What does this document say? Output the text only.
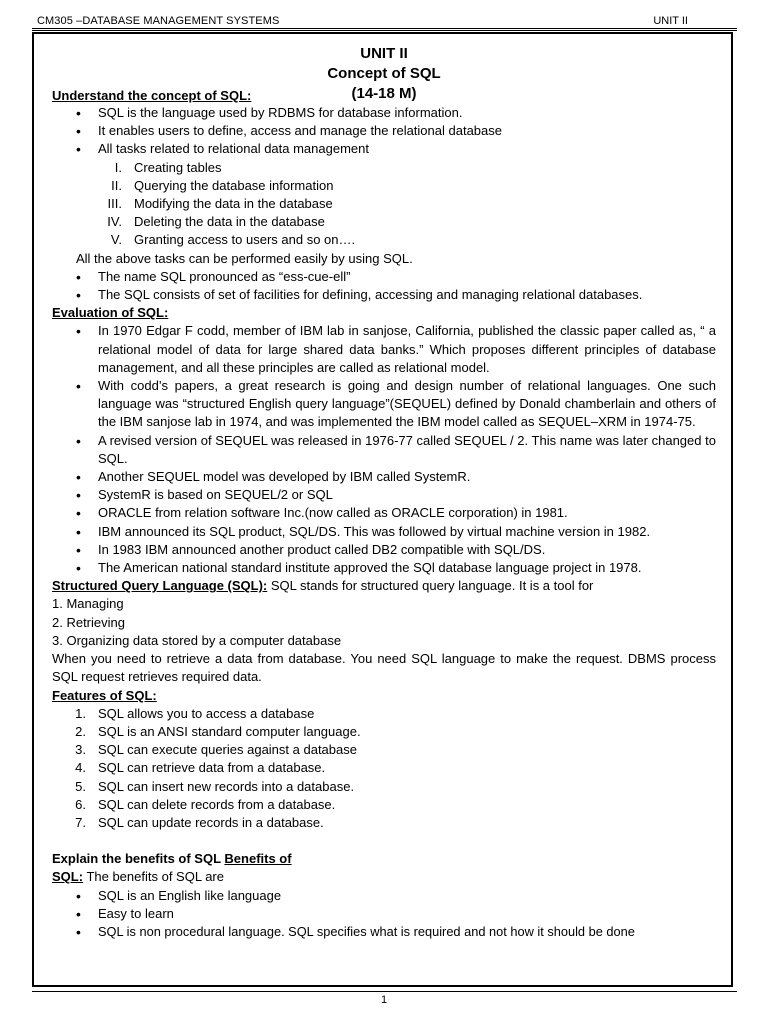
CM305 –DATABASE MANAGEMENT SYSTEMS	UNIT II
UNIT II
Concept of SQL
Understand the concept of SQL:	(14-18 M)
• SQL is the language used by RDBMS for database information.
• It enables users to define, access and manage the relational database
• All tasks related to relational data management
I. Creating tables
II. Querying the database information
III. Modifying the data in the database
IV. Deleting the data in the database
V. Granting access to users and so on….
All the above tasks can be performed easily by using SQL.
• The name SQL pronounced as “ess-cue-ell”
• The SQL consists of set of facilities for defining, accessing and managing relational databases.
Evaluation of SQL:
• In 1970 Edgar F codd, member of IBM lab in sanjose, California, published the classic paper called as, “ a relational model of data for large shared data banks.” Which proposes different principles of database management, and all these principles are called as relational model.
• With codd’s papers, a great research is going and design number of relational languages. One such language was “structured English query language”(SEQUEL) defined by Donald chamberlain and others of the IBM sanjose lab in 1974, and was implemented the IBM model called as SEQUEL–XRM in 1974-75.
• A revised version of SEQUEL was released in 1976-77 called SEQUEL / 2. This name was later changed to SQL.
• Another SEQUEL model was developed by IBM called SystemR.
• SystemR is based on SEQUEL/2 or SQL
• ORACLE from relation software Inc.(now called as ORACLE corporation) in 1981.
• IBM announced its SQL product, SQL/DS. This was followed by virtual machine version in 1982.
• In 1983 IBM announced another product called DB2 compatible with SQL/DS.
• The American national standard institute approved the SQl database language project in 1978.
Structured Query Language (SQL): SQL stands for structured query language. It is a tool for
1. Managing
2. Retrieving
3. Organizing data stored by a computer database
When you need to retrieve a data from database. You need SQL language to make the request. DBMS process SQL request retrieves required data.
Features of SQL:
1. SQL allows you to access a database
2. SQL is an ANSI standard computer language.
3. SQL can execute queries against a database
4. SQL can retrieve data from a database.
5. SQL can insert new records into a database.
6. SQL can delete records from a database.
7. SQL can update records in a database.
Explain the benefits of SQL Benefits of
SQL: The benefits of SQL are
• SQL is an English like language
• Easy to learn
• SQL is non procedural language. SQL specifies what is required and not how it should be done
1
